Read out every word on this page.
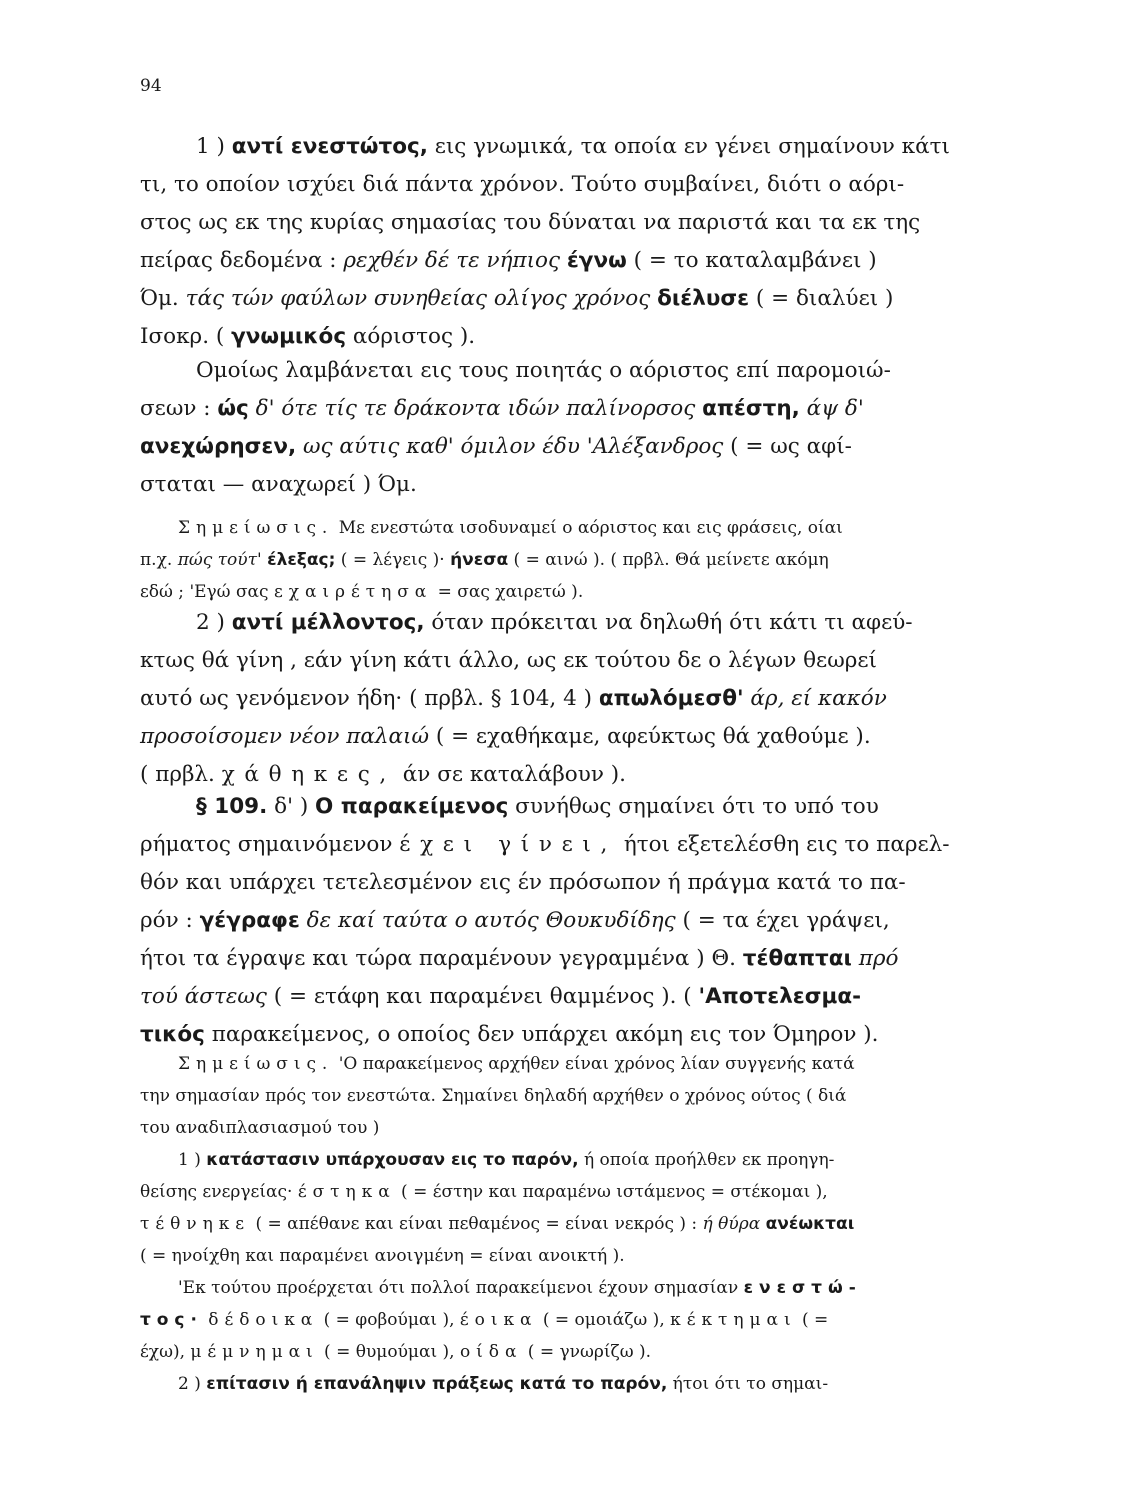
94

1 ) αντί ενεστώτος, εις γνωμικά, τα οποία εν γένει σημαίνουν κάτι

τι, το οποίον ισχύει διά πάντα χρόνον. Τούτο συμβαίνει, διότι ο αόρι-

στος ως εκ της κυρίας σημασίας του δύναται να παριστά και τα εκ της

πείρας δεδομένα : ρεχθέν δέ τε νήπιος έγνω ( = το καταλαμβάνει )

Όμ. τάς τών φαύλων συνηθείας ολίγος χρόνος διέλυσε ( = διαλύει )

Ισοκρ. ( γνωμικός αόριστος ).

Ομοίως λαμβάνεται εις τους ποιητάς ο αόριστος επί παρομοιώ-

σεων : ώς δ' ότε τίς τε δράκοντα ιδών παλίνορσος απέστη, άψ δ'

ανεχώρησεν, ως αύτις καθ' όμιλον έδυ 'Αλέξανδρος ( = ως αφί-

σταται — αναχωρεί ) Όμ.

Σημείωσις. Με ενεστώτα ισοδυναμεί ο αόριστος και εις φράσεις, οίαι

π.χ. πώς τούτ' έλεξας; ( = λέγεις )· ήνεσα ( = αινώ ). ( πρβλ. Θά μείνετε ακόμη

εδώ ; 'Εγώ σας εχαιρέτησα = σας χαιρετώ ).

2 ) αντί μέλλοντος, όταν πρόκειται να δηλωθή ότι κάτι τι αφεύ-

κτως θά γίνη , εάν γίνη κάτι άλλο, ως εκ τούτου δε ο λέγων θεωρεί

αυτό ως γενόμενον ήδη· ( πρβλ. § 104, 4 ) απωλόμεσθ' άρ, εί κακόν

προσοίσομεν νέον παλαιώ ( = εχαθήκαμε, αφεύκτως θά χαθούμε ).

( πρβλ. χάθηκες, άν σε καταλάβουν ).

§ 109. δ' ) Ο παρακείμενος συνήθως σημαίνει ότι το υπό του

ρήματος σημαινόμενον έχει γίνει, ήτοι εξετελέσθη εις το παρελ-

θόν και υπάρχει τετελεσμένον εις έν πρόσωπον ή πράγμα κατά το πα-

ρόν : γέγραφε δε καί ταύτα ο αυτός Θουκυδίδης ( = τα έχει γράψει,

ήτοι τα έγραψε και τώρα παραμένουν γεγραμμένα ) Θ. τέθαπται πρό

τού άστεως ( = ετάφη και παραμένει θαμμένος ). ( 'Αποτελεσμα-

τικός παρακείμενος, ο οποίος δεν υπάρχει ακόμη εις τον Όμηρον ).

Σημείωσις. 'Ο παρακείμενος αρχήθεν είναι χρόνος λίαν συγγενής κατά

την σημασίαν πρός τον ενεστώτα. Σημαίνει δηλαδή αρχήθεν ο χρόνος ούτος ( διά

του αναδιπλασιασμού του )

1 ) κατάστασιν υπάρχουσαν εις το παρόν, ή οποία προήλθεν εκ προηγη-

θείσης ενεργείας· έστηκα ( = έστην και παραμένω ιστάμενος = στέκομαι ),

τέθνηκε ( = απέθανε και είναι πεθαμένος = είναι νεκρός ) : ή θύρα ανέωκται

( = ηνοίχθη και παραμένει ανοιγμένη = είναι ανοικτή ).

'Εκ τούτου προέρχεται ότι πολλοί παρακείμενοι έχουν σημασίαν ενεστώ-

τος· δέδοικα ( = φοβούμαι ), έοικα ( = ομοιάζω ), κέκτημαι ( =

έχω), μέμνημαι ( = θυμούμαι ), οίδα ( = γνωρίζω ).

2 ) επίτασιν ή επανάληψιν πράξεως κατά το παρόν, ήτοι ότι το σημαι-
